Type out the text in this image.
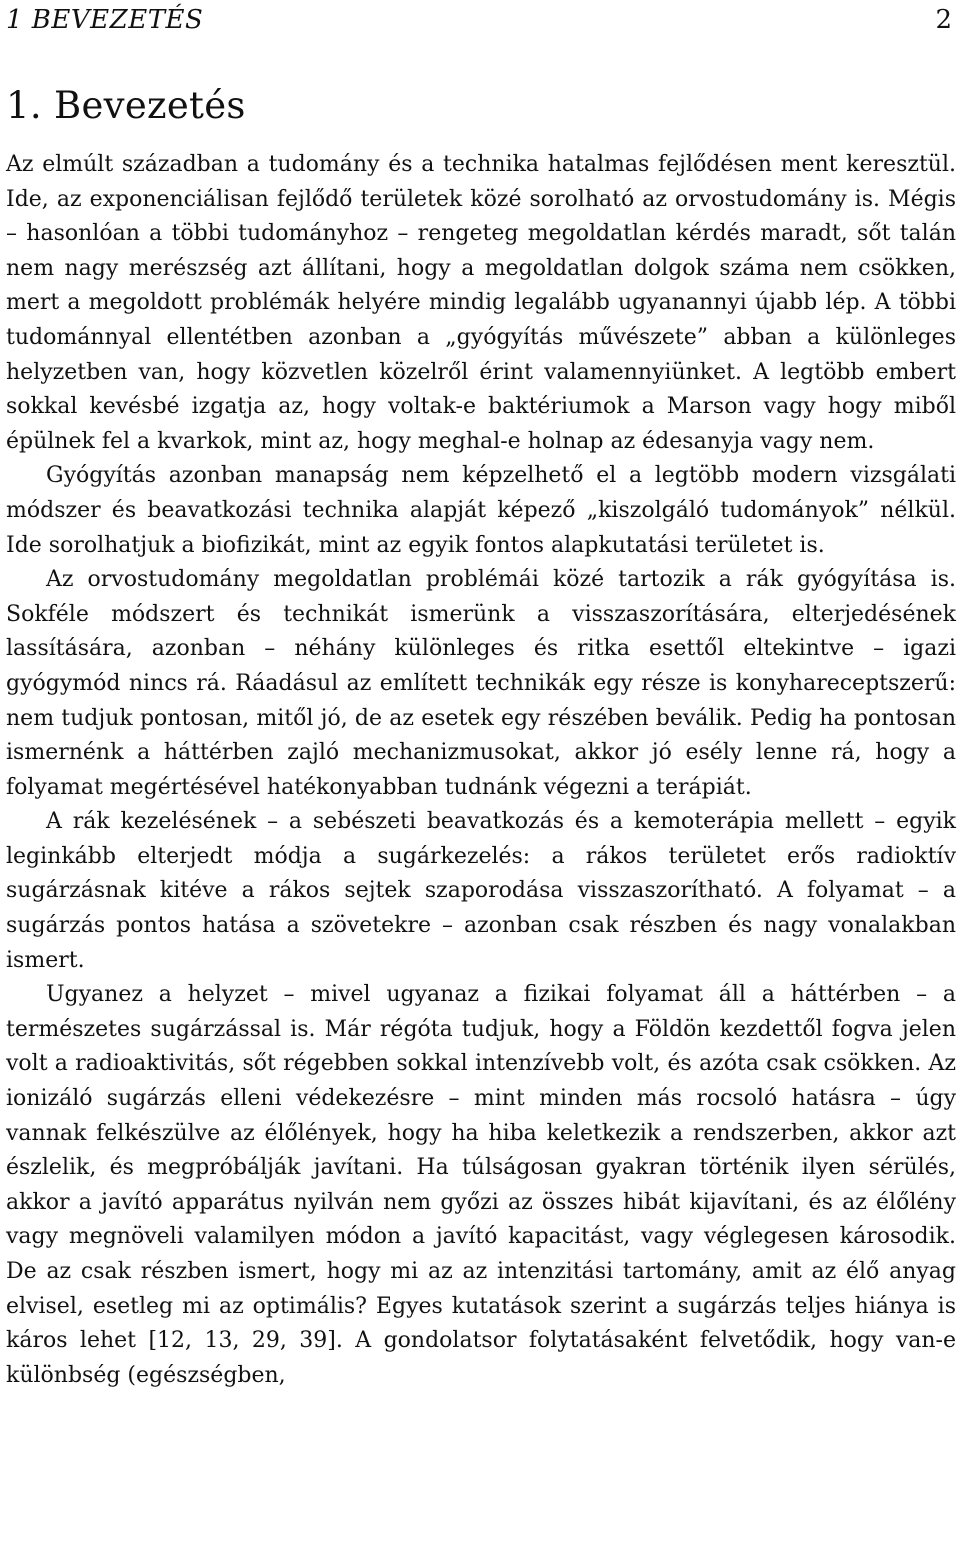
1 BEVEZETÉS	2
1. Bevezetés

Az elmúlt században a tudomány és a technika hatalmas fejlődésen ment keresztül. Ide, az exponenciálisan fejlődő területek közé sorolható az orvostudomány is. Mégis – hasonlóan a többi tudományhoz – rengeteg megoldatlan kérdés maradt, sőt talán nem nagy merészség azt állítani, hogy a megoldatlan dolgok száma nem csökken, mert a megoldott problémák helyére mindig legalább ugyanannyi újabb lép. A többi tudománnyal ellentétben azonban a „gyógyítás művészete” abban a különleges helyzetben van, hogy közvetlen közelről érint valamennyiünket. A legtöbb embert sokkal kevésbé izgatja az, hogy voltak-e baktériumok a Marson vagy hogy miből épülnek fel a kvarkok, mint az, hogy meghal-e holnap az édesanyja vagy nem.

Gyógyítás azonban manapság nem képzelhető el a legtöbb modern vizsgálati módszer és beavatkozási technika alapját képező „kiszolgáló tudományok” nélkül. Ide sorolhatjuk a biofizikát, mint az egyik fontos alapkutatási területet is.

Az orvostudomány megoldatlan problémái közé tartozik a rák gyógyítása is. Sokféle módszert és technikát ismerünk a visszaszorítására, elterjedésének lassítására, azonban – néhány különleges és ritka esettől eltekintve – igazi gyógymód nincs rá. Ráadásul az említett technikák egy része is konyhareceptszerű: nem tudjuk pontosan, mitől jó, de az esetek egy részében beválik. Pedig ha pontosan ismernénk a háttérben zajló mechanizmusokat, akkor jó esély lenne rá, hogy a folyamat megértésével hatékonyabban tudnánk végezni a terápiát.

A rák kezelésének – a sebészeti beavatkozás és a kemoterápia mellett – egyik leginkább elterjedt módja a sugárkezelés: a rákos területet erős radioktív sugárzásnak kitéve a rákos sejtek szaporodása visszaszorítható. A folyamat – a sugárzás pontos hatása a szövetekre – azonban csak részben és nagy vonalakban ismert.

Ugyanez a helyzet – mivel ugyanaz a fizikai folyamat áll a háttérben – a természetes sugárzással is. Már régóta tudjuk, hogy a Földön kezdettől fogva jelen volt a radioaktivitás, sőt régebben sokkal intenzívebb volt, és azóta csak csökken. Az ionizáló sugárzás elleni védekezésre – mint minden más rocsoló hatásra – úgy vannak felkészülve az élőlények, hogy ha hiba keletkezik a rendszerben, akkor azt észlelik, és megpróbálják javítani. Ha túlságosan gyakran történik ilyen sérülés, akkor a javító apparátus nyilván nem győzi az összes hibát kijavítani, és az élőlény vagy megnöveli valamilyen módon a javító kapacitást, vagy véglegesen károsodik. De az csak részben ismert, hogy mi az az intenzitási tartomány, amit az élő anyag elvisel, esetleg mi az optimális? Egyes kutatások szerint a sugárzás teljes hiánya is káros lehet [12, 13, 29, 39]. A gondolatsor folytatásaként felvetődik, hogy van-e különbség (egészségben,
